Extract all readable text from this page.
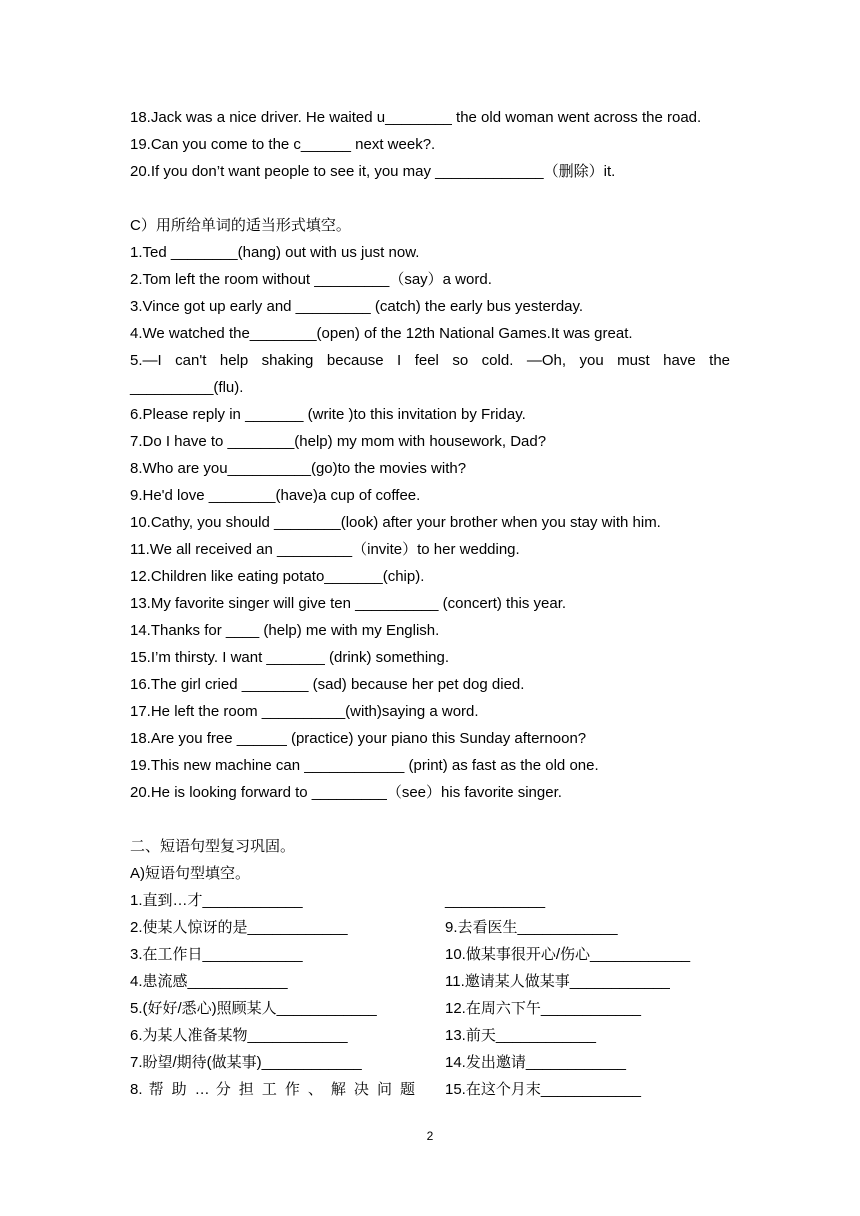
18.Jack was a nice driver. He waited u________ the old woman went across the road.
19.Can you come to the c______ next week?.
20.If you don’t want people to see it, you may _____________（删除）it.
C）用所给单词的适当形式填空。
1.Ted ________(hang) out with us just now.
2.Tom left the room without _________（say）a word.
3.Vince got up early and _________ (catch) the early bus yesterday.
4.We watched the________(open) of the 12th National Games.It was great.
5.—I can't help shaking because I feel so cold. —Oh, you must have the
__________(flu).
6.Please reply in _______ (write )to this invitation by Friday.
7.Do I have to ________(help) my mom with housework, Dad?
8.Who are you__________(go)to the movies with?
9.He'd love ________(have)a cup of coffee.
10.Cathy, you should ________(look) after your brother when you stay with him.
11.We all received an _________（invite）to her wedding.
12.Children like eating potato_______(chip).
13.My favorite singer will give ten __________ (concert) this year.
14.Thanks for ____ (help) me with my English.
15.I’m thirsty. I want _______ (drink) something.
16.The girl cried ________ (sad) because her pet dog died.
17.He left the room __________(with)saying a word.
18.Are you free ______ (practice) your piano this Sunday afternoon?
19.This new machine can ____________ (print) as fast as the old one.
20.He is looking forward to _________（see）his favorite singer.
二、短语句型复习巩固。
A)短语句型填空。
1.直到…才____________
2.使某人惊讶的是____________
3.在工作日____________
4.患流感____________
5.(好好/悉心)照顾某人____________
6.为某人准备某物____________
7.盼望/期待(做某事)____________
8. 帮 助 … 分 担 工 作 、 解 决 问 题
____________
9.去看医生____________
10.做某事很开心/伤心____________
11.邀请某人做某事____________
12.在周六下午____________
13.前天____________
14.发出邀请____________
15.在这个月末____________
2
